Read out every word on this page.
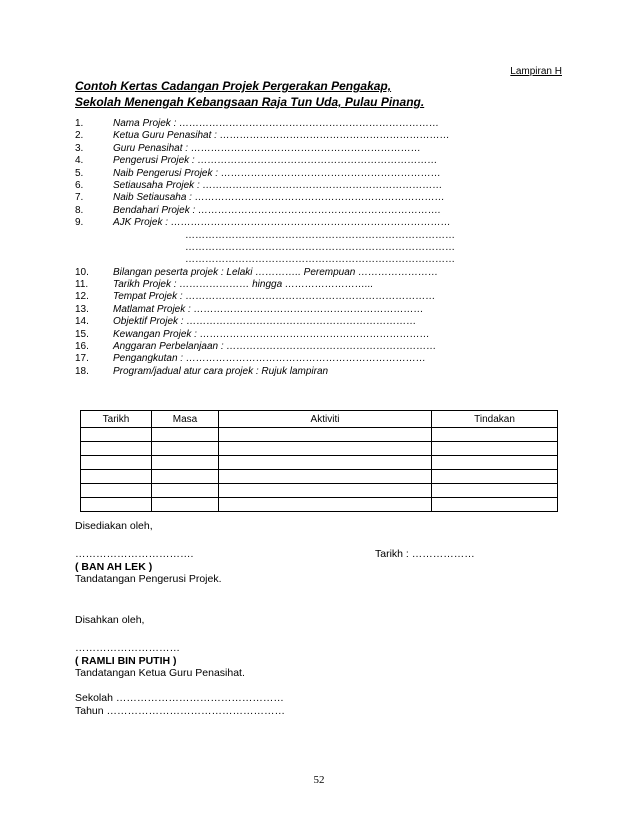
Lampiran H
Contoh Kertas Cadangan Projek Pergerakan Pengakap,
Sekolah Menengah Kebangsaan Raja Tun Uda, Pulau Pinang.
1.	Nama Projek : ……………………………………………………………………
2.	Ketua Guru Penasihat : ……………………………………………………………
3.	Guru Penasihat : ……………………………………………………………
4.	Pengerusi Projek : ………………………………………………………………
5.	Naib Pengerusi Projek : …………………………………………………………
6.	Setiausaha Projek : ………………………………………………………………
7.	Naib Setiausaha : …………………………………………………………………
8.	Bendahari Projek : ……………………………………………………………….
9.	AJK Projek : …………………………………………………………………………
………………………………………………………………………
………………………………………………………………………
………………………………………………………………………
10. Bilangan peserta projek : Lelaki ………….. Perempuan ……………………
11. Tarikh Projek : ………………… hingga ……………………...
12. Tempat Projek : …………………………………………………………………
13. Matlamat Projek : ……………………………………………………………
14. Objektif Projek : ……………………………………………………………
15. Kewangan Projek : ……………………………………………………………
16. Anggaran Perbelanjaan : ………………………………………………………
17. Pengangkutan : ………………………………………………………………
18. Program/jadual atur cara projek : Rujuk lampiran
Tarikh	Masa	Aktiviti	Tindakan

Disediakan oleh,
…………………………….	Tarikh : ………………
( BAN AH LEK )
Tandatangan Pengerusi Projek.
Disahkan oleh,
…………………………
( RAMLI BIN PUTIH )
Tandatangan Ketua Guru Penasihat.
Sekolah …………………………………………
Tahun ……………………………………………
52
